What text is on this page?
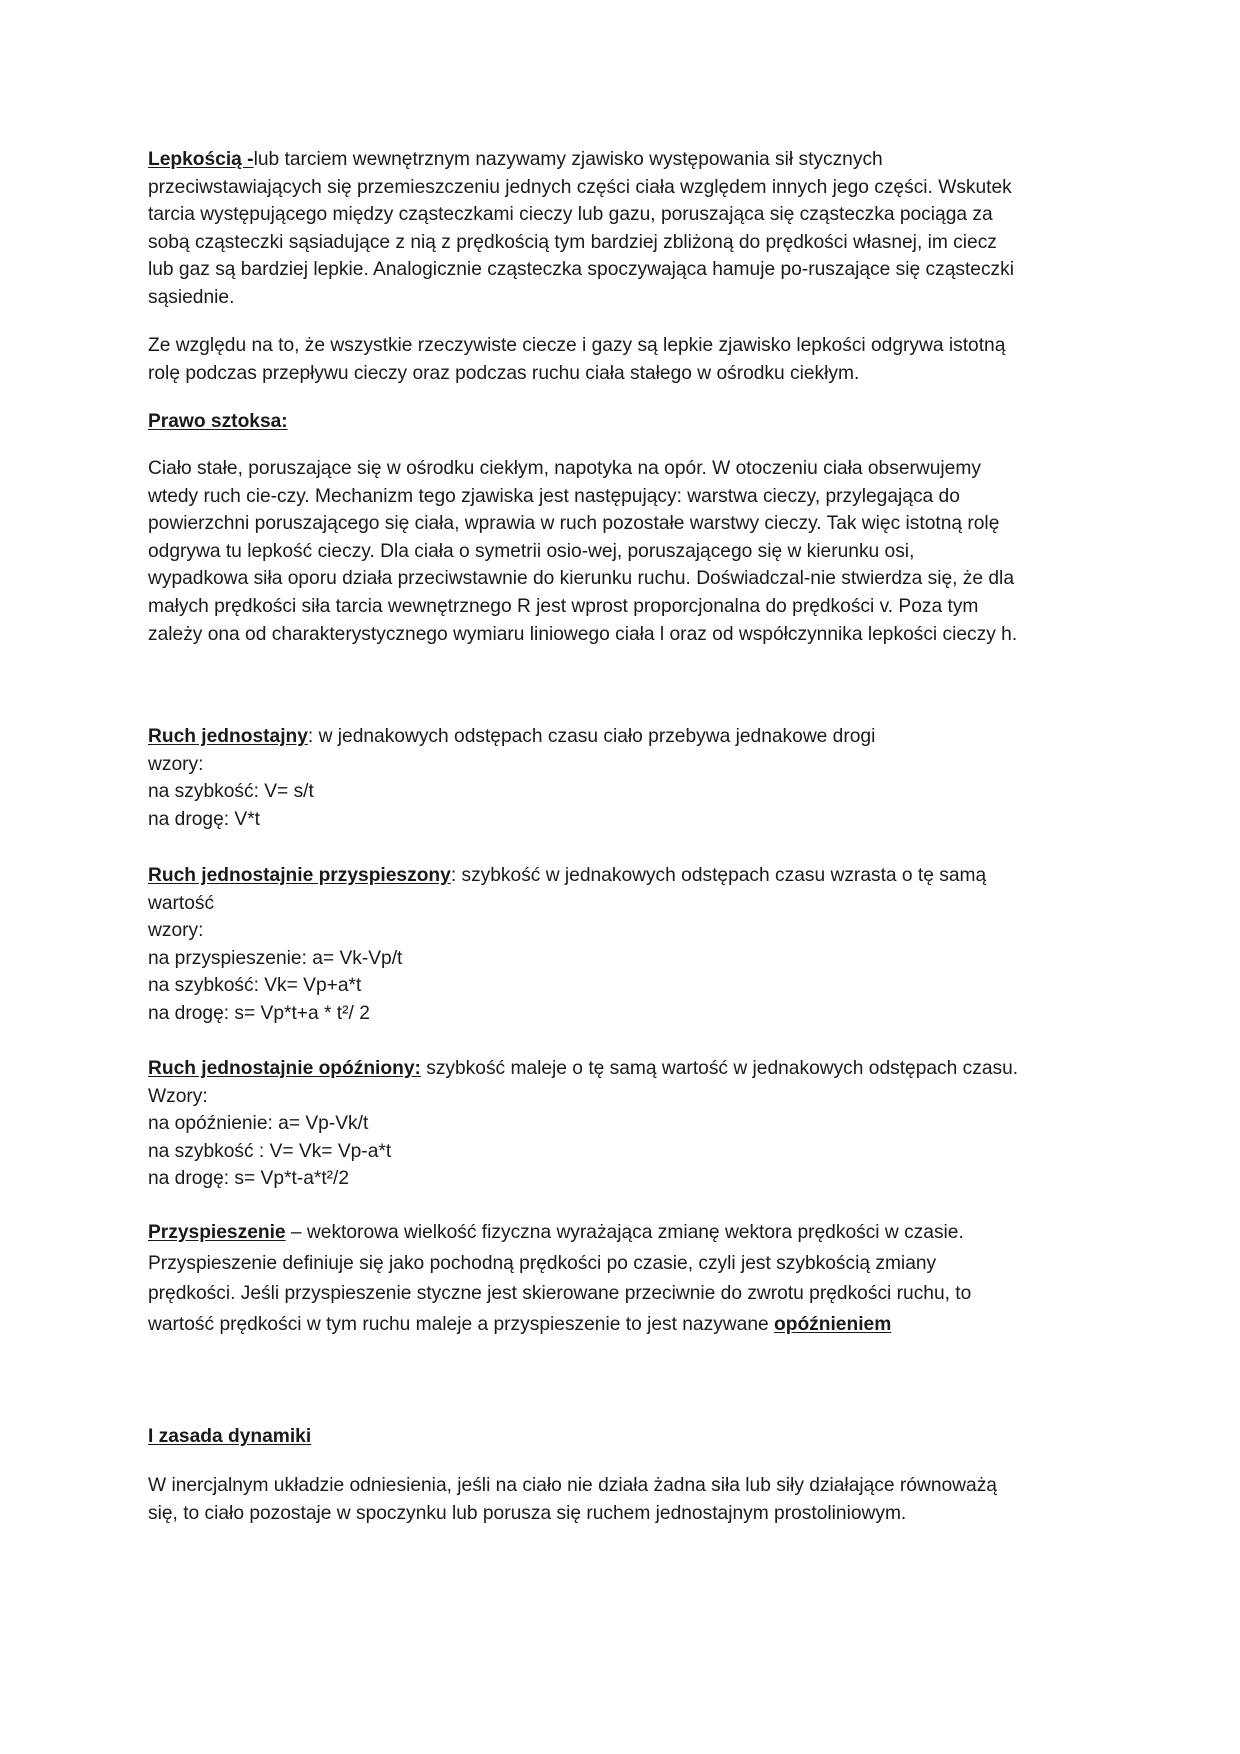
Lepkością -lub tarciem wewnętrznym nazywamy zjawisko występowania sił stycznych
przeciwstawiających się przemieszczeniu jednych części ciała względem innych jego części. Wskutek
tarcia występującego między cząsteczkami cieczy lub gazu, poruszająca się cząsteczka pociąga za
sobą cząsteczki sąsiadujące z nią z prędkością tym bardziej zbliżoną do prędkości własnej, im ciecz
lub gaz są bardziej lepkie. Analogicznie cząsteczka spoczywająca hamuje po-ruszające się cząsteczki
sąsiednie.
Ze względu na to, że wszystkie rzeczywiste ciecze i gazy są lepkie zjawisko lepkości odgrywa istotną
rolę podczas przepływu cieczy oraz podczas ruchu ciała stałego w ośrodku ciekłym.
Prawo sztoksa:
Ciało stałe, poruszające się w ośrodku ciekłym, napotyka na opór. W otoczeniu ciała obserwujemy
wtedy ruch cie-czy. Mechanizm tego zjawiska jest następujący: warstwa cieczy, przylegająca do
powierzchni poruszającego się ciała, wprawia w ruch pozostałe warstwy cieczy. Tak więc istotną rolę
odgrywa tu lepkość cieczy. Dla ciała o symetrii osio-wej, poruszającego się w kierunku osi,
wypadkowa siła oporu działa przeciwstawnie do kierunku ruchu. Doświadczal-nie stwierdza się, że dla
małych prędkości siła tarcia wewnętrznego R jest wprost proporcjonalna do prędkości v. Poza tym
zależy ona od charakterystycznego wymiaru liniowego ciała l oraz od współczynnika lepkości cieczy h.
Ruch jednostajny: w jednakowych odstępach czasu ciało przebywa jednakowe drogi
wzory:
na szybkość: V= s/t
na drogę: V*t
Ruch jednostajnie przyspieszony: szybkość w jednakowych odstępach czasu wzrasta o tę samą
wartość
wzory:
na przyspieszenie: a= Vk-Vp/t
na szybkość: Vk= Vp+a*t
na drogę: s= Vp*t+a * t²/ 2
Ruch jednostajnie opóźniony: szybkość maleje o tę samą wartość w jednakowych odstępach czasu.
Wzory:
na opóźnienie: a= Vp-Vk/t
na szybkość : V= Vk= Vp-a*t
na drogę: s= Vp*t-a*t²/2
Przyspieszenie – wektorowa wielkość fizyczna wyrażająca zmianę wektora prędkości w czasie.
Przyspieszenie definiuje się jako pochodną prędkości po czasie, czyli jest szybkością zmiany
prędkości. Jeśli przyspieszenie styczne jest skierowane przeciwnie do zwrotu prędkości ruchu, to
wartość prędkości w tym ruchu maleje a przyspieszenie to jest nazywane opóźnieniem
I zasada dynamiki
W inercjalnym układzie odniesienia, jeśli na ciało nie działa żadna siła lub siły działające równoważą
się, to ciało pozostaje w spoczynku lub porusza się ruchem jednostajnym prostoliniowym.
